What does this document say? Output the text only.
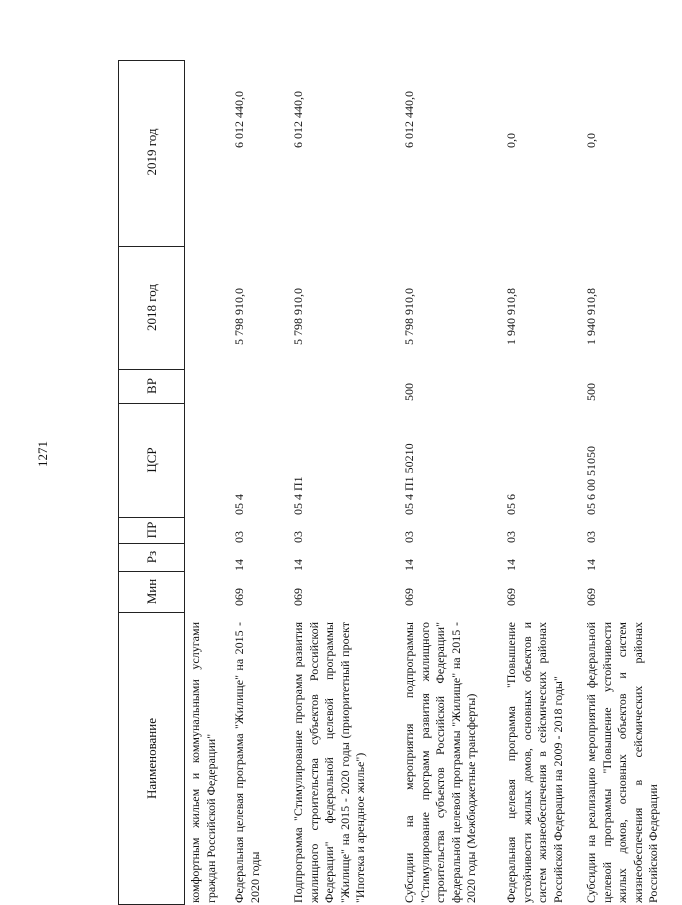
1271
Наименование
Мин
Рз
ПР
ЦСР
ВР
2018 год
2019 год
комфортным жильем и коммунальными услугами граждан Российской Федерации"	Федеральная целевая программа "Жилище" на 2015 - 2020 годы
069
14
03
05 4
5 798 910,0
6 012 440,0
Подпрограмма "Стимулирование программ развития жилищного строительства субъектов Российской Федерации" федеральной целевой программы "Жилище" на 2015 - 2020 годы (приоритетный проект "Ипотека и арендное жилье")
069
14
03
05 4 П1
5 798 910,0
6 012 440,0
Субсидии на мероприятия подпрограммы "Стимулирование программ развития жилищного строительства субъектов Российской Федерации" федеральной целевой программы "Жилище" на 2015 - 2020 годы (Межбюджетные трансферты)
069
14
03
05 4 П1 50210
500
5 798 910,0
6 012 440,0
Федеральная целевая программа "Повышение устойчивости жилых домов, основных объектов и систем жизнеобеспечения в сейсмических районах Российской Федерации на 2009 - 2018 годы"
069
14
03
05 6
1 940 910,8
0,0
Субсидии на реализацию мероприятий федеральной целевой программы "Повышение устойчивости жилых домов, основных объектов и систем жизнеобеспечения в сейсмических районах Российской Федерации
069
14
03
05 6 00 51050
500
1 940 910,8
0,0
